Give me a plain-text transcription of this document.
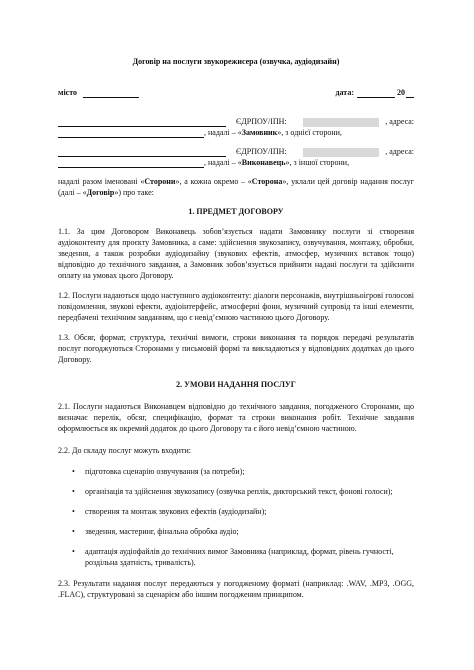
Договір на послуги звукорежисера (озвучка, аудіодизайн)

місто	дата:	20
ЄДРПОУ/ІПН:	, адреса:
, надалі – « Замовник », з однієї сторони,
ЄДРПОУ/ІПН:	, адреса:
, надалі – « Виконавець », з іншої сторони,

надалі разом іменовані «Сторони», а кожна окремо – «Сторона», уклали цей договір надання послуг (далі – «Договір») про таке:

1. ПРЕДМЕТ ДОГОВОРУ

1.1. За цим Договором Виконавець зобов’язується надати Замовнику послуги зі створення аудіоконтенту для проєкту Замовника, а саме: здійснення звукозапису, озвучування, монтажу, обробки, зведення, а також розробки аудіодизайну (звукових ефектів, атмосфер, музичних вставок тощо) відповідно до технічного завдання, а Замовник зобов’язується прийняти надані послуги та здійснити оплату на умовах цього Договору.

1.2. Послуги надаються щодо наступного аудіоконтенту: діалоги персонажів, внутрішньоігрові голосові повідомлення, звукові ефекти, аудіоінтерфейс, атмосферні фони, музичний супровід та інші елементи, передбачені технічним завданням, що є невід’ємною частиною цього Договору.

1.3. Обсяг, формат, структура, технічні вимоги, строки виконання та порядок передачі результатів послуг погоджуються Сторонами у письмовій формі та викладаються у відповідних додатках до цього Договору.

2. УМОВИ НАДАННЯ ПОСЛУГ

2.1. Послуги надаються Виконавцем відповідно до технічного завдання, погодженого Сторонами, що визначає перелік, обсяг, специфікацію, формат та строки виконання робіт. Технічне завдання оформлюється як окремий додаток до цього Договору та є його невід’ємною частиною.

2.2. До складу послуг можуть входити:

• підготовка сценарію озвучування (за потреби);
• організація та здійснення звукозапису (озвучка реплік, дикторський текст, фонові голоси);
• створення та монтаж звукових ефектів (аудіодизайн);
• зведення, мастеринг, фінальна обробка аудіо;
• адаптація аудіофайлів до технічних вимог Замовника (наприклад, формат, рівень гучності, роздільна здатність, тривалість).

2.3. Результати надання послуг передаються у погодженому форматі (наприклад: .WAV, .MP3, .OGG, .FLAC), структуровані за сценарієм або іншим погодженим принципом.
